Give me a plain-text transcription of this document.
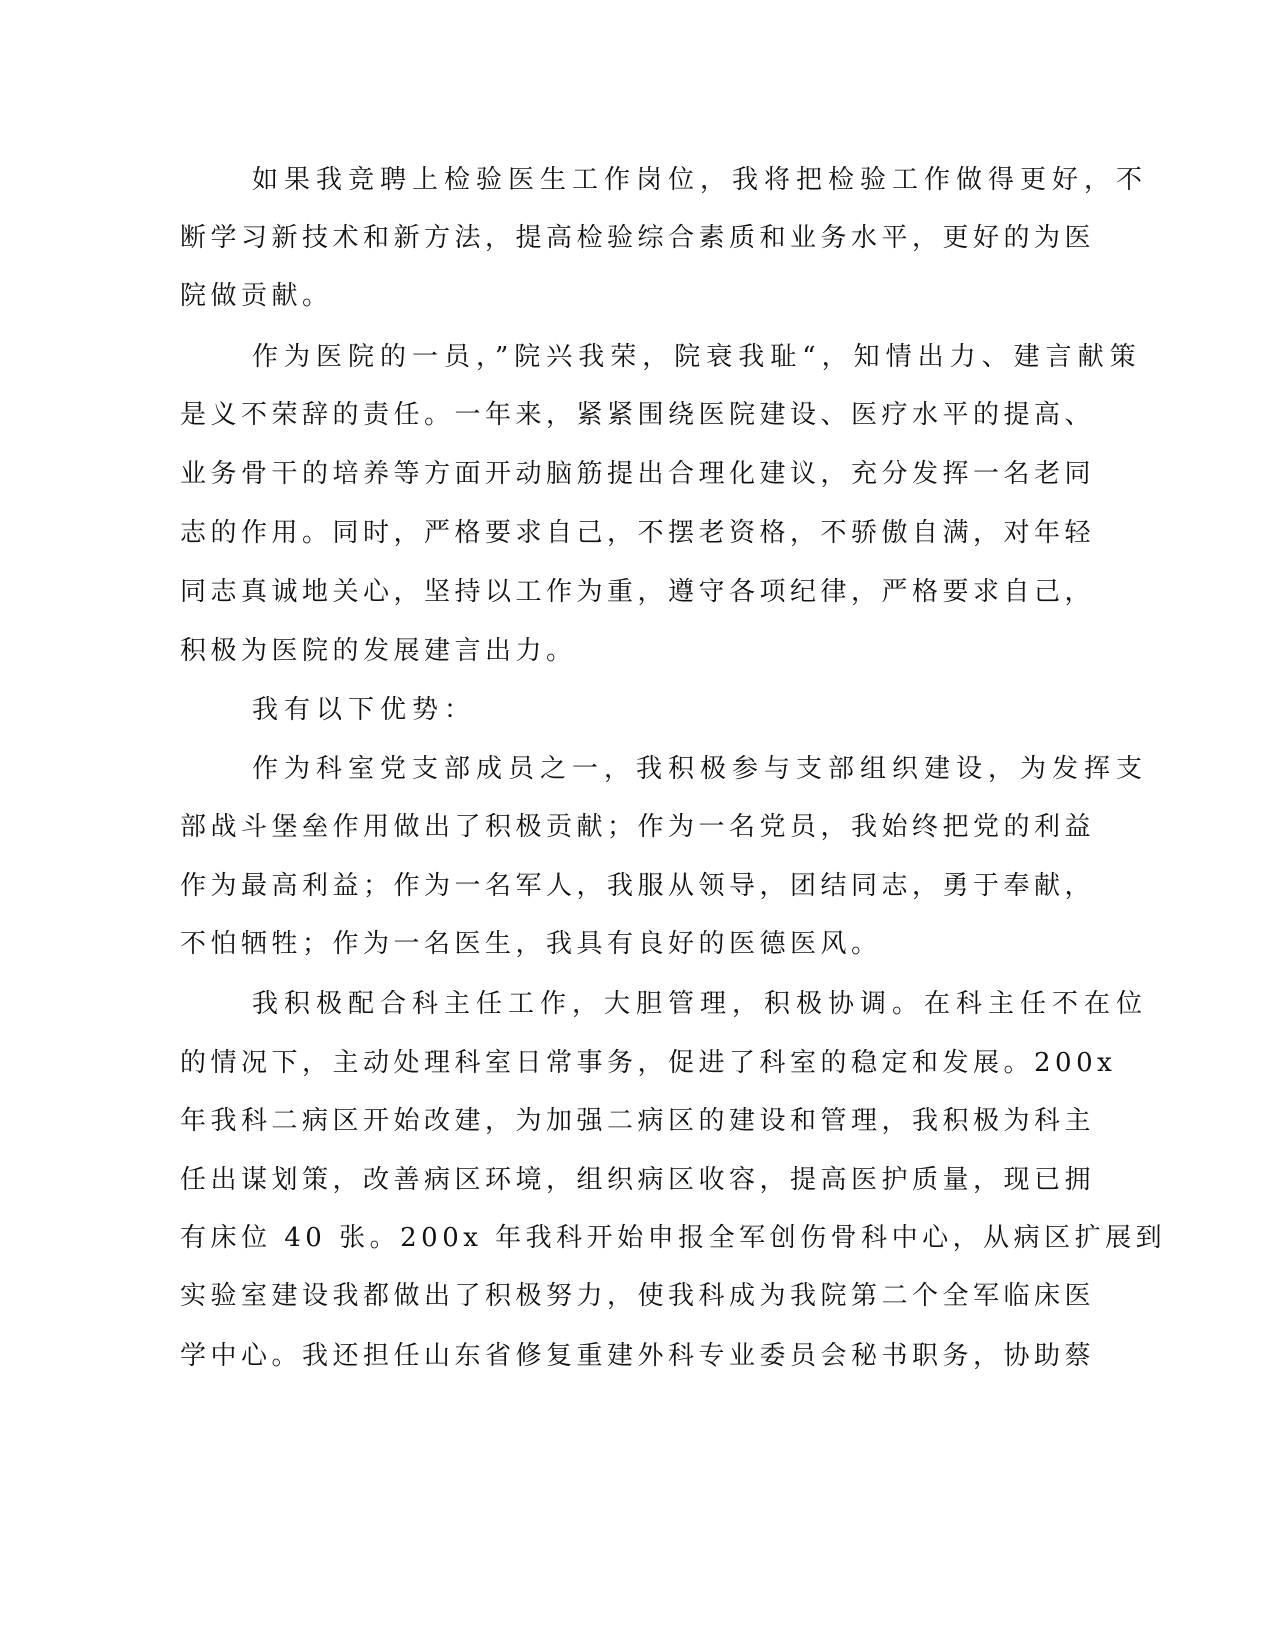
如果我竞聘上检验医生工作岗位，我将把检验工作做得更好，不

断学习新技术和新方法，提高检验综合素质和业务水平，更好的为医

院做贡献。

作为医院的一员，”院兴我荣，院衰我耻“，知情出力、建言献策

是义不荣辞的责任。一年来，紧紧围绕医院建设、医疗水平的提高、

业务骨干的培养等方面开动脑筋提出合理化建议，充分发挥一名老同

志的作用。同时，严格要求自己，不摆老资格，不骄傲自满，对年轻

同志真诚地关心，坚持以工作为重，遵守各项纪律，严格要求自己，

积极为医院的发展建言出力。

我有以下优势：

作为科室党支部成员之一，我积极参与支部组织建设，为发挥支

部战斗堡垒作用做出了积极贡献；作为一名党员，我始终把党的利益

作为最高利益；作为一名军人，我服从领导，团结同志，勇于奉献，

不怕牺牲；作为一名医生，我具有良好的医德医风。

我积极配合科主任工作，大胆管理，积极协调。在科主任不在位

的情况下，主动处理科室日常事务，促进了科室的稳定和发展。200x

年我科二病区开始改建，为加强二病区的建设和管理，我积极为科主

任出谋划策，改善病区环境，组织病区收容，提高医护质量，现已拥

有床位 40 张。200x 年我科开始申报全军创伤骨科中心，从病区扩展到

实验室建设我都做出了积极努力，使我科成为我院第二个全军临床医

学中心。我还担任山东省修复重建外科专业委员会秘书职务，协助蔡
